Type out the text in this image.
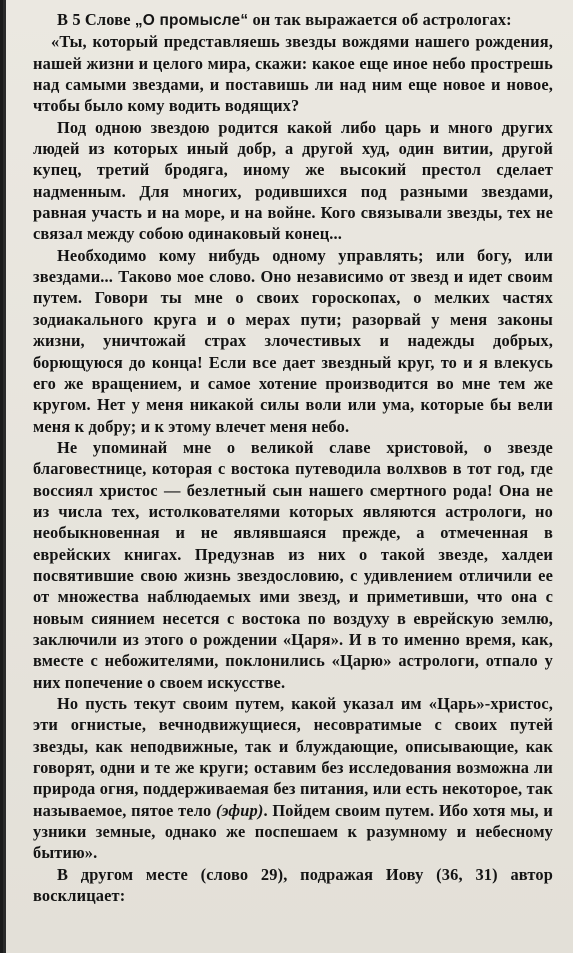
В 5 Слове „О промысле“ он так выражается об астрологах:

«Ты, который представляешь звезды вождями нашего рождения, нашей жизни и целого мира, скажи: какое еще иное небо прострешь над самыми звездами, и поставишь ли над ним еще новое и новое, чтобы было кому водить водящих?

Под одною звездою родится какой либо царь и много других людей из которых иный добр, а другой худ, один витии, другой купец, третий бродяга, иному же высокий престол сделает надменным. Для многих, родившихся под разными звездами, равная участь и на море, и на войне. Кого связывали звезды, тех не связал между собою одинаковый конец...

Необходимо кому нибудь одному управлять; или богу, или звездами... Таково мое слово. Оно независимо от звезд и идет своим путем. Говори ты мне о своих гороскопах, о мелких частях зодиакального круга и о мерах пути; разорвай у меня законы жизни, уничтожай страх злочестивых и надежды добрых, борющуюся до конца! Если все дает звездный круг, то и я влекусь его же вращением, и самое хотение производится во мне тем же кругом. Нет у меня никакой силы воли или ума, которые бы вели меня к добру; и к этому влечет меня небо.

Не упоминай мне о великой славе христовой, о звезде благовестнице, которая с востока путеводила волхвов в тот год, где воссиял христос — безлетный сын нашего смертного рода! Она не из числа тех, истолкователями которых являются астрологи, но необыкновенная и не являвшаяся прежде, а отмеченная в еврейских книгах. Предузнав из них о такой звезде, халдеи посвятившие свою жизнь звездословию, с удивлением отличили ее от множества наблюдаемых ими звезд, и приметивши, что она с новым сиянием несется с востока по воздуху в еврейскую землю, заключили из этого о рождении «Царя». И в то именно время, как, вместе с небожителями, поклонились «Царю» астрологи, отпало у них попечение о своем искусстве.

Но пусть текут своим путем, какой указал им «Царь»-христос, эти огнистые, вечнодвижущиеся, несовратимые с своих путей звезды, как неподвижные, так и блуждающие, описывающие, как говорят, одни и те же круги; оставим без исследования возможна ли природа огня, поддерживаемая без питания, или есть некоторое, так называемое, пятое тело (эфир). Пойдем своим путем. Ибо хотя мы, и узники земные, однако же поспешаем к разумному и небесному бытию».

В другом месте (слово 29), подражая Иову (36, 31) автор восклицает:
